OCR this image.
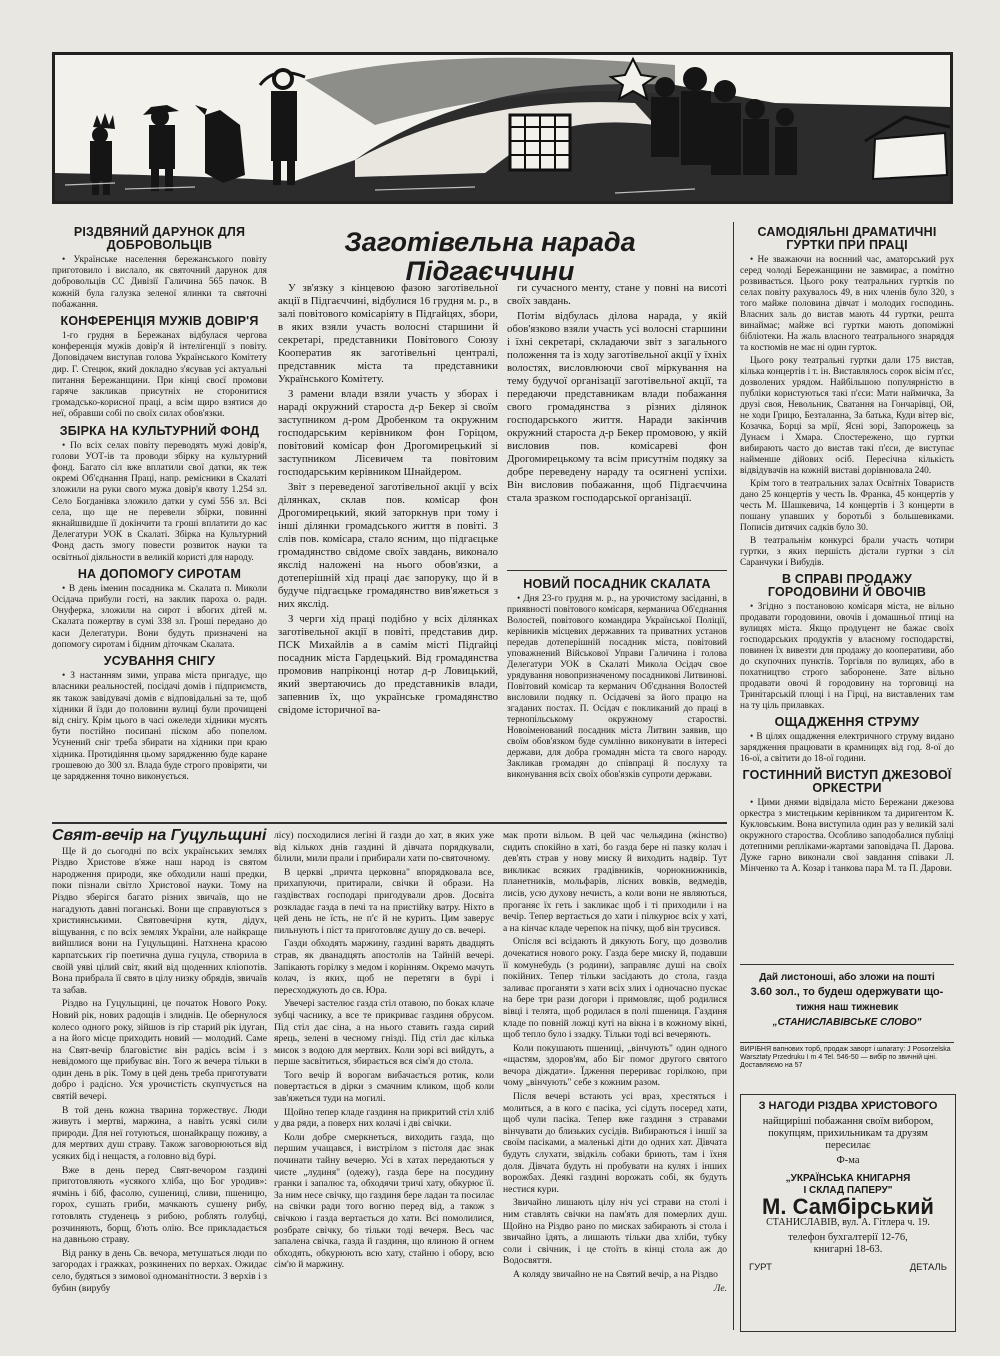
РІЗДВЯНИЙ ДАРУНОК ДЛЯ ДОБРОВОЛЬЦІВ

• Українське населення бережанського повіту приготовило і вислало, як святочний дарунок для добровольців СС Дивізії Галичина 565 пачок. В кожній була галузка зеленої ялинки та святочні побажання.

КОНФЕРЕНЦІЯ МУЖІВ ДОВІР'Я

1-го грудня в Бережанах відбулася чергова конференція мужів довір'я й інтелігенції з повіту. Доповідачем виступав голова Українського Комітету дир. Г. Стецюк, який докладно з'ясував усі актуальні питання Бережанщини. При кінці своєї промови гаряче закликав присутніх не сторонитися громадсько-корисної праці, а всім щиро взятися до неї, обравши собі по своїх силах обов'язки.

ЗБІРКА НА КУЛЬТУРНИЙ ФОНД

• По всіх селах повіту переводять мужі довір'я, голови УОТ-ів та проводи збірку на культурний фонд. Багато сіл вже вплатили свої датки, як теж окремі Об'єднання Праці, напр. ремісники в Скалаті зложили на руки свого мужа довір'я квоту 1.254 зл. Село Богданівка зложило датки у сумі 556 зл. Всі села, що ще не перевели збірки, повинні якнайшвидше її докінчити та гроші вплатити до кас Делегатури УОК в Скалаті. Збірка на Культурний Фонд дасть змогу повести розвиток науки та освітньої діяльности в великій користі для народу.

НА ДОПОМОГУ СИРОТАМ

• В день іменин посадника м. Скалата п. Миколи Осідача прибули гості, на заклик пароха о. радн. Онуферка, зложили на сирот і вбогих дітей м. Скалата пожертву в сумі 338 зл. Гроші передано до каси Делегатури. Вони будуть призначені на допомогу сиротам і бідним діточкам Скалата.

УСУВАННЯ СНІГУ

• З настанням зими, управа міста пригадує, що власники реальностей, посідачі домів і підприємств, як також завідувачі домів є відповідальні за те, щоб хідники й їзди до половини вулиці були прочищені від снігу. Крім цього в часі ожеледи хідники мусять бути постійно посипані піском або попелом. Усунений сніг треба збирати на хідники при краю хідника. Протидіяння цьому зарядженню буде каране грошевою до 300 зл. Влада буде строго провіряти, чи це зарядження точно виконується.

Заготівельна нарада Підгаєччини

У зв'язку з кінцевою фазою заготівельної акції в Підгаєччині, відбулися 16 грудня м. р., в залі повітового комісаріяту в Підгайцях, збори, в яких взяли участь волосні старшини й секретарі, представники Повітового Союзу Кооператив як заготівельні централі, представник міста та представники Українського Комітету.

З рамени влади взяли участь у зборах і нараді окружний староста д-р Бекер зі своїм заступником д-ром Дробенком та окружним господарським керівником фон Горіцом, повітовий комісар фон Дрогомирецький зі заступником Лісевичем та повітовим господарським керівником Шнайдером.

Звіт з переведеної заготівельної акції у всіх ділянках, склав пов. комісар фон Дрогомирецький, який заторкнув при тому і інші ділянки громадського життя в повіті. З слів пов. комісара, стало ясним, що підгаєцьке громадянство свідоме своїх завдань, виконало якслід наложені на нього обов'язки, а дотеперішній хід праці дає запоруку, що й в будуче підгаєцьке громадянство вив'яжеться з них якслід.

З черги хід праці подібно у всіх ділянках заготівельної акції в повіті, представив дир. ПСК Михайлів а в самім місті Підгайці посадник міста Гардецький. Від громадянства промовив напріконці нотар д-р Ловицький, який звертаючись до представників влади, запевнив їх, що українське громадянство свідоме історичної ва-

ги сучасного менту, стане у повні на висоті своїх завдань.

Потім відбулась ділова нарада, у якій обов'язково взяли участь усі волосні старшини і їхні секретарі, складаючи звіт з загального положення та із ходу заготівельної акції у їхніх волостях, висловлюючи свої міркування на тему будучої організації заготівельної акції, та передаючи представникам влади побажання свого громадянства з різних ділянок господарського життя. Наради закінчив окружний староста д-р Бекер промовою, у якій висловив пов. комісареві фон Дрогомирецькому та всім присутнім подяку за добре переведену нараду та осягнені успіхи. Він висловив побажання, щоб Підгаєччина стала зразком господарської організації.

НОВИЙ ПОСАДНИК СКАЛАТА

• Дня 23-го грудня м. р., на урочистому засіданні, в приявності повітового комісаря, керманича Об'єднання Волостей, повітового командира Української Поліції, керівників місцевих державних та приватних установ передав дотеперішній посадник міста, повітовий уповажнений Військової Управи Галичина і голова Делегатури УОК в Скалаті Микола Осідач свое урядування новопризначеному посадникові Литвинові. Повітовий комісар та керманич Об'єднання Волостей висловили подяку п. Осідачеві за його працю на згаданих постах. П. Осідач є покликаний до праці в тернопільському окружному старостві. Новоіменований посадник міста Литвин заявив, що своїм обов'язком буде сумлінно виконувати в інтересі держави, для добра громадян міста та свого народу. Закликав громадян до співпраці й послуху та виконування всіх своїх обов'язків супроти держави.

САМОДІЯЛЬНІ ДРАМАТИЧНІ ГУРТКИ ПРИ ПРАЦІ

• Не зважаючи на воєнний час, аматорський рух серед чолоді Бережанщини не завмирає, а помітно розвивається. Цього року театральних гуртків по селах повіту рахувалось 49, в них членів було 320, з того майже половина дівчат і молодих господинь. Власних заль до вистав мають 44 гуртки, решта винаймає; майже всі гуртки мають допоміжні бібліотеки. На жаль власного театрального знаряддя та костюмів не має ні один гурток.

Цього року театральні гуртки дали 175 вистав, кілька концертів і т. ін. Виставлялось сорок вісім п'єс, дозволених урядом. Найбільшою популярністю в публіки користуються такі п'єси: Мати наймичка, За друзі своя, Невольник, Сватання на Гончарівці, Ой, не ходи Грицю, Безталанна, За батька, Куди вітер віє, Козачка, Борці за мрії, Ясні зорі, Запорожець за Дунаєм і Хмара. Спостережено, що гуртки вибирають часто до вистав такі п'єси, де виступає найменше дійових осіб. Пересічна кількість відвідувачів на кожній виставі дорівнювала 240.

Крім того в театральних залах Освітніх Товариств дано 25 концертів у честь Ів. Франка, 45 концертів у честь М. Шашкевича, 14 концертів і 3 концерти в пошану упавших у боротьбі з большевиками. Пописів дитячих садків було 30.

В театральнім конкурсі брали участь чотири гуртки, з яких першість дістали гуртки з сіл Саранчуки і Вибудів.

В СПРАВІ ПРОДАЖУ ГОРОДОВИНИ Й ОВОЧІВ

• Згідно з постановою комісаря міста, не вільно продавати городовини, овочів і домашньої птиці на вулицях міста. Якщо продуцент не бажає своїх господарських продуктів у власному господарстві, повинен їх вивезти для продажу до кооперативи, або до скупочних пунктів. Торгівля по вулицях, або в похатництво строго заборонене. Зате вільно продавати овочі й городовину на торговиці на Тринітарській площі і на Гірці, на виставлених там на ту ціль прилавках.

ОЩАДЖЕННЯ СТРУМУ

• В цілях ощадження електричного струму видано зарядження працювати в крамницях від год. 8-ої до 16-ої, а світити до 18-ої години.

ГОСТИННИЙ ВИСТУП ДЖЕЗОВОЇ ОРКЕСТРИ

• Цими днями відвідала місто Бережани джезова оркестра з мистецьким керівником та диригентом К. Кукловським. Вона виступила один раз у великій залі окружного староства. Особливо заподобалися публіці дотепними репліками-жартами заповідача П. Дарова. Дуже гарно виконали свої завдання співаки Л. Мінченко та А. Козар і танкова пара М. та П. Дарови.

Свят-вечір на Гуцульщині

Ще й до сьогодні по всіх українських землях Різдво Христове в'яже наш народ із святом народження природи, яке обходили наші предки, поки пізнали світло Христової науки. Тому на Різдво зберігся багато різних звичаїв, що не нагадують давні поганські. Вони ще справуються з християнськими. Святовечірня кутя, дідух, віщування, є по всіх землях України, але найкраще вийшлися вони на Гуцульщині. Натхнена красою карпатських гір поетична душа гуцула, створила в своїй уяві цілий світ, який від щоденних кліопотів. Вона прибрала її свято в цілу низку обрядів, звичаїв та забав.

Різдво на Гуцульщині, це початок Нового Року. Новий рік, нових радощів і злиднів. Це обернулося колесо одного року, зійшов із гір старий рік ідуган, а на його місце приходить новий — молодий. Саме на Свят-вечір благовістиє він радісь всім і з невідомого ще прибуває він. Того ж вечера тільки в один день в рік. Тому в цей день треба приготувати добро і радісно. Уся урочистість скупчується на святій вечері.

В той день кожна тварина торжествує. Люди живуть і мертві, маржина, а навіть усякі сили природи. Для неї готуються, шонайкращу поживу, а для мертвих душ страву. Також заговорюються від усяких бід і нещастя, а головно від бурі.

Вже в день перед Свят-вечором газдині приготовляють «усякого хліба, що Бог уродив»: ячмінь і біб, фасолю, сушениці, сливи, пшеницю, горох, сушать гриби, мачкають сушену рибу, готовлять студенець з рибою, роблять голубці, розчиняють, борщ, б'ють олію. Все прикладається на давньою страву.

Від ранку в день Св. вечора, метушаться люди по загородах і гражках, розкинених по верхах. Ожидає село, будяться з зимової одноманітности. З верхів і з бубин (вирубу

лісу) посходилися легіні й газди до хат, в яких уже від кількох днів газдині й дівчата порядкували, білили, мили прали і прибирали хати по-святочному.

В церкві „причта церковна" впорядковала все, прихапуючи, притирали, свічки й образи. На газдівствах господарі пригодували дров. Досвіта розкладає газда в печі та на пристійку ватру. Ніхто в цей день не їсть, не п'є й не курить. Цим заверує пильнують і піст та приготовляє душу до св. вечері.

Газди обходять маржину, газдині варять двадцять страв, як дванадцять апостолів на Тайній вечері. Запікають горілку з медом і корінням. Окремо мачуть колач, із яких, щоб не перетяги в бурі і пересходжують до св. Юра.

Увечері застелює газда стіл отавою, по боках клаче зубці часнику, а все те прикриває газдиня обрусом. Під стіл дає сіна, а на нього ставить газда сирий ярець, зелені в чесному гнізді. Під стіл дає кілька мисок з водою для мертвих. Коли зорі всі вийдуть, а перше засвітиться, збирається вся сім'я до стола.

Того вечір й ворогам вибачається ротик, коли повертається в дірки з смачним кликом, щоб коли зав'яжеться туди на могилі.

Щойно тепер кладе газдиня на прикритий стіл хліб у два ряди, а поверх них колачі і дві свічки.

Коли добре смеркнеться, виходить газда, що першим учащався, і вистрілом з пістоля дає знак починати тайну вечерю. Усі в хатах передаються у чисте „лудиня" (одежу), газда бере на посудину гранки і запалює та, обходячи тричі хату, обкурює її. За ним несе свічку, що газдиня бере ладан та посилає на свічки ради того вогню перед від, а також з свічкою і газда вертається до хати. Всі помолилися, розбрате свічку, бо тільки тоді вечеря. Весь час запалена свічка, газда й газдиня, що ялиною й огнем обходять, обкурюють всю хату, стайню і обору, всю сім'ю й маржину.

мак проти вільом. В цей час чельядина (жінство) сидить спокійно в хаті, бо газда бере ні пазку колач і дев'ять страв у нову миску й виходить надвір. Тут викликає всяких градівників, чорнокнижників, планетників, мольфарів, лісних вовків, ведмедів, лисів, усю духову нечисть, а коли вони не являються, проганяє їх геть і закликає щоб і ті приходили і на вечір. Тепер вертається до хати і пілкурює всіх у хаті, а на кінчає кладе черепок на пічку, щоб він трусився.

Опісля всі всідають й дякують Богу, що дозволив дочекатися нового року. Газда бере миску й, подавши її комунебудь (з родини), заправляє душі на своїх покійних. Тепер тільки засідають до стола, газда заливає проганяти з хати всіх злих і одночасно пускає на бере три рази догори і примовляє, щоб родилися вівці і телята, щоб родилася в полі пшениця. Газдиня кладе по повній ложці куті на вікна і в кожному вікні, щоб тепло було і ззадку. Тільки тоді всі вечеряють.

Коли покушають пшениці, „вінчують" один одного «щастям, здоров'ям, або Біг помог другого святого вечора діждати». Їдження перериває горілкою, при чому „вінчують" себе з кожним разом.

Після вечері встають усі враз, хрестяться і молиться, а в кого є пасіка, усі сідуть посеред хати, щоб чули пасіка. Тепер вже газдиня з стравами вінчувати до близьких сусідів. Вибираються і іншії за своїм пасіками, а маленькі діти до одних хат. Дівчата будуть слухати, звідкіль собаки бриють, там і їхня доля. Дівчата будуть ні пробувати на кулях і інших ворожбах. Деякі газдині ворожать собі, як будуть нестися кури.

Звичайно лишають цілу ніч усі страви на столі і ним ставлять свічки на пам'ять для померлих душ. Щойно на Різдво рано по мисках забирають зі стола і звичайно їдять, а лишають тільки два хліби, тубку соли і свічник, і це стоїть в кінці стола аж до Водосвяття.

А коляду звичайно не на Святий вечір, а на Різдво

Ле.
Дай листоноші, або зложи на пошті
3.60 зол., то будеш одержувати що-
тижня наш тижневик
„СТАНИСЛАВІВСЬКЕ СЛОВО"
ВИРІБНЯ вапнових торб, продаж заворт і шпагату: J Posorzelska Warsztaty Przedruku I m 4 Tel. 546-50 — вибір по звичній ціні. Доставляємо на 57
З НАГОДИ РІЗДВА ХРИСТОВОГО
найщиріші побажання своїм вибором, покупцям, прихильникам та друзям пересилає
Ф-ма
„УКРАЇНСЬКА КНИГАРНЯ
І СКЛАД ПАПЕРУ"
М. Самбірський
СТАНИСЛАВІВ, вул. А. Гітлера ч. 19.
телефон бухгалтерії 12-76,
книгарні 18-63.
ГУРТ	ДЕТАЛЬ
